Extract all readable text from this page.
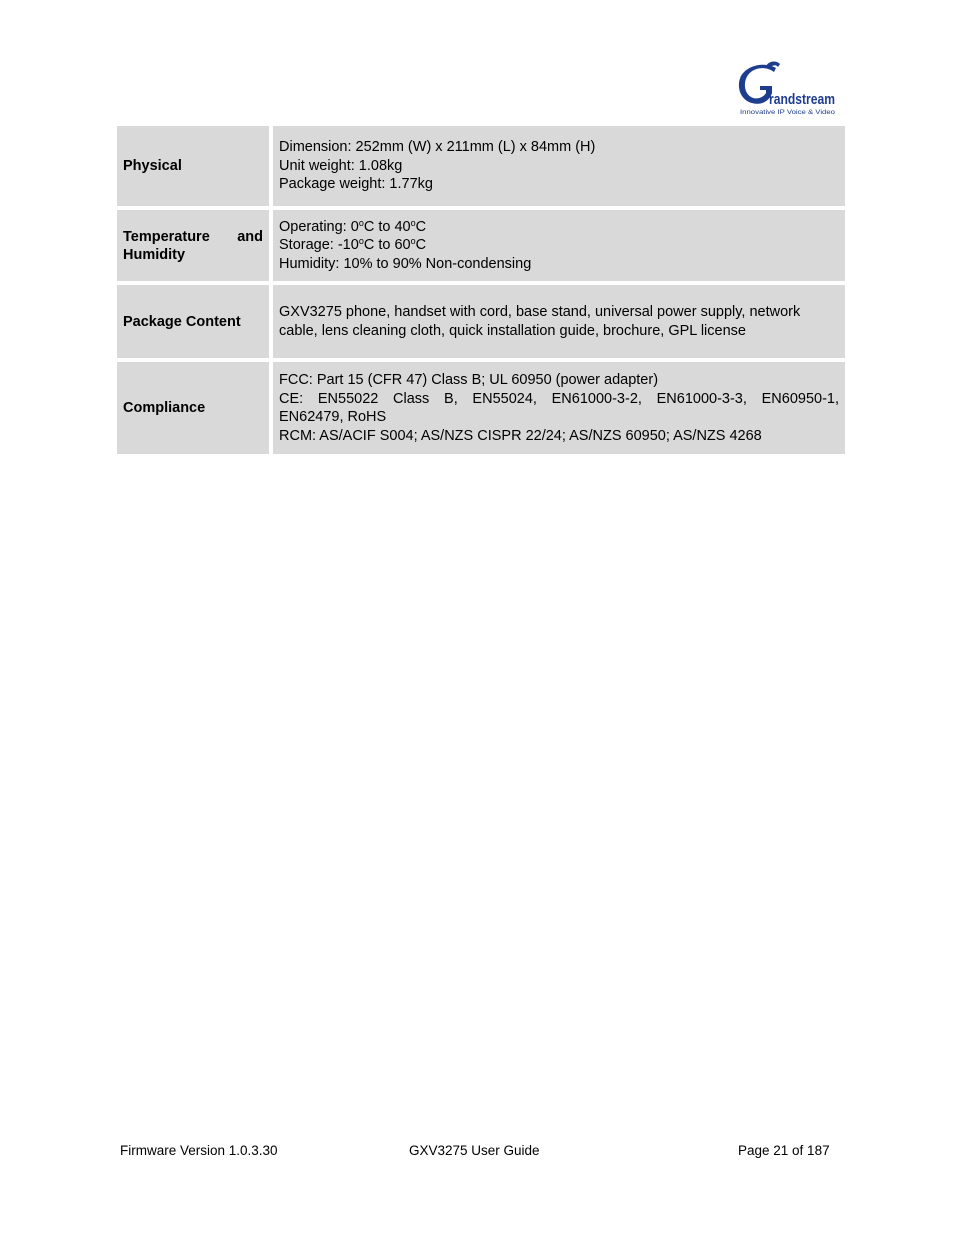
randstream
Innovative IP Voice & Video
Physical
Dimension: 252mm (W) x 211mm (L) x 84mm (H)
Unit weight: 1.08kg
Package weight: 1.77kg
Temperature and
Humidity
Operating: 0$^o$C to 40$^o$C
Storage: -10$^o$C to 60$^o$C
Humidity: 10% to 90% Non-condensing
Package Content
GXV3275 phone, handset with cord, base stand, universal power supply, network
cable, lens cleaning cloth, quick installation guide, brochure, GPL license
Compliance
FCC: Part 15 (CFR 47) Class B; UL 60950 (power adapter)
CE: EN55022 Class B, EN55024, EN61000-3-2, EN61000-3-3, EN60950-1,
EN62479, RoHS
RCM: AS/ACIF S004; AS/NZS CISPR 22/24; AS/NZS 60950; AS/NZS 4268
Firmware Version 1.0.3.30	GXV3275 User Guide	Page 21 of 187
